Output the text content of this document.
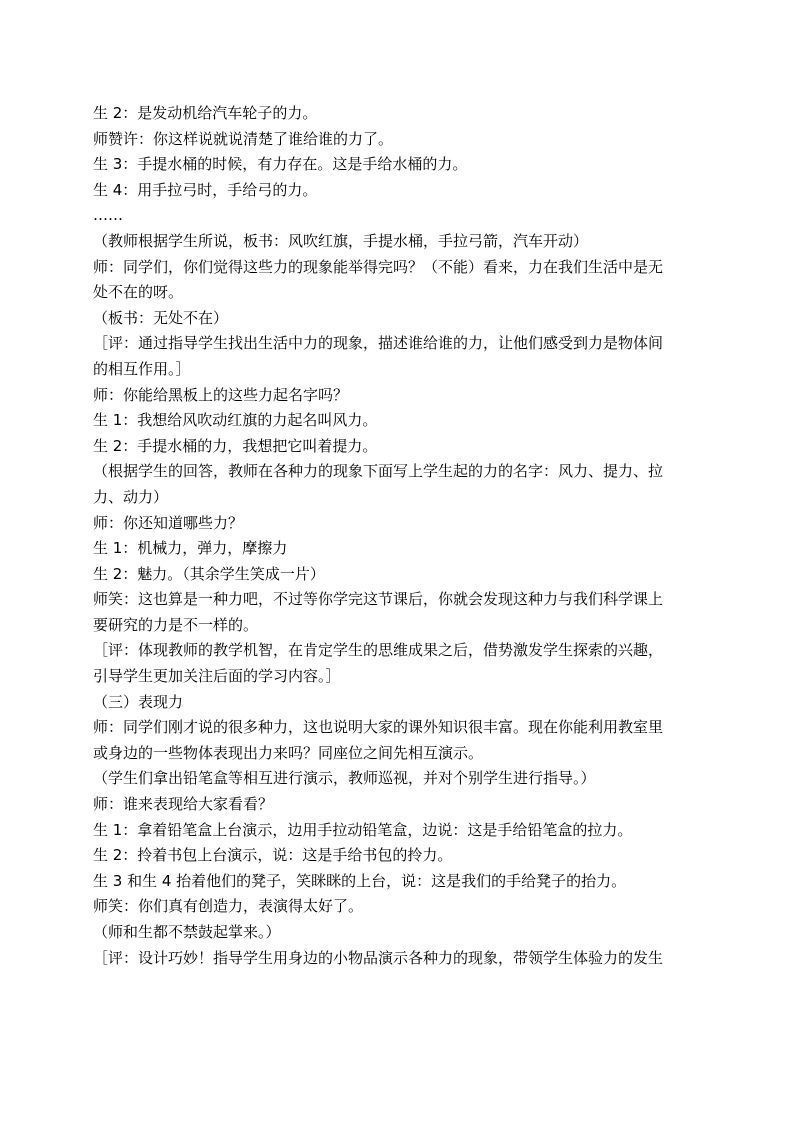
生 2：是发动机给汽车轮子的力。
师赞许：你这样说就说清楚了谁给谁的力了。
生 3：手提水桶的时候，有力存在。这是手给水桶的力。
生 4：用手拉弓时，手给弓的力。
……
（教师根据学生所说，板书：风吹红旗，手提水桶，手拉弓箭，汽车开动）
师：同学们，你们觉得这些力的现象能举得完吗？（不能）看来，力在我们生活中是无
处不在的呀。
（板书：无处不在）
［评：通过指导学生找出生活中力的现象，描述谁给谁的力，让他们感受到力是物体间
的相互作用。］
师：你能给黑板上的这些力起名字吗？
生 1：我想给风吹动红旗的力起名叫风力。
生 2：手提水桶的力，我想把它叫着提力。
（根据学生的回答，教师在各种力的现象下面写上学生起的力的名字：风力、提力、拉
力、动力）
师：你还知道哪些力？
生 1：机械力，弹力，摩擦力
生 2：魅力。（其余学生笑成一片）
师笑：这也算是一种力吧，不过等你学完这节课后，你就会发现这种力与我们科学课上
要研究的力是不一样的。
［评：体现教师的教学机智，在肯定学生的思维成果之后，借势激发学生探索的兴趣，
引导学生更加关注后面的学习内容。］
（三）表现力
师：同学们刚才说的很多种力，这也说明大家的课外知识很丰富。现在你能利用教室里
或身边的一些物体表现出力来吗？同座位之间先相互演示。
（学生们拿出铅笔盒等相互进行演示，教师巡视，并对个别学生进行指导。）
师：谁来表现给大家看看？
生 1：拿着铅笔盒上台演示，边用手拉动铅笔盒，边说：这是手给铅笔盒的拉力。
生 2：拎着书包上台演示，说：这是手给书包的拎力。
生 3 和生 4 抬着他们的凳子，笑眯眯的上台，说：这是我们的手给凳子的抬力。
师笑：你们真有创造力，表演得太好了。
（师和生都不禁鼓起掌来。）
［评：设计巧妙！指导学生用身边的小物品演示各种力的现象，带领学生体验力的发生
